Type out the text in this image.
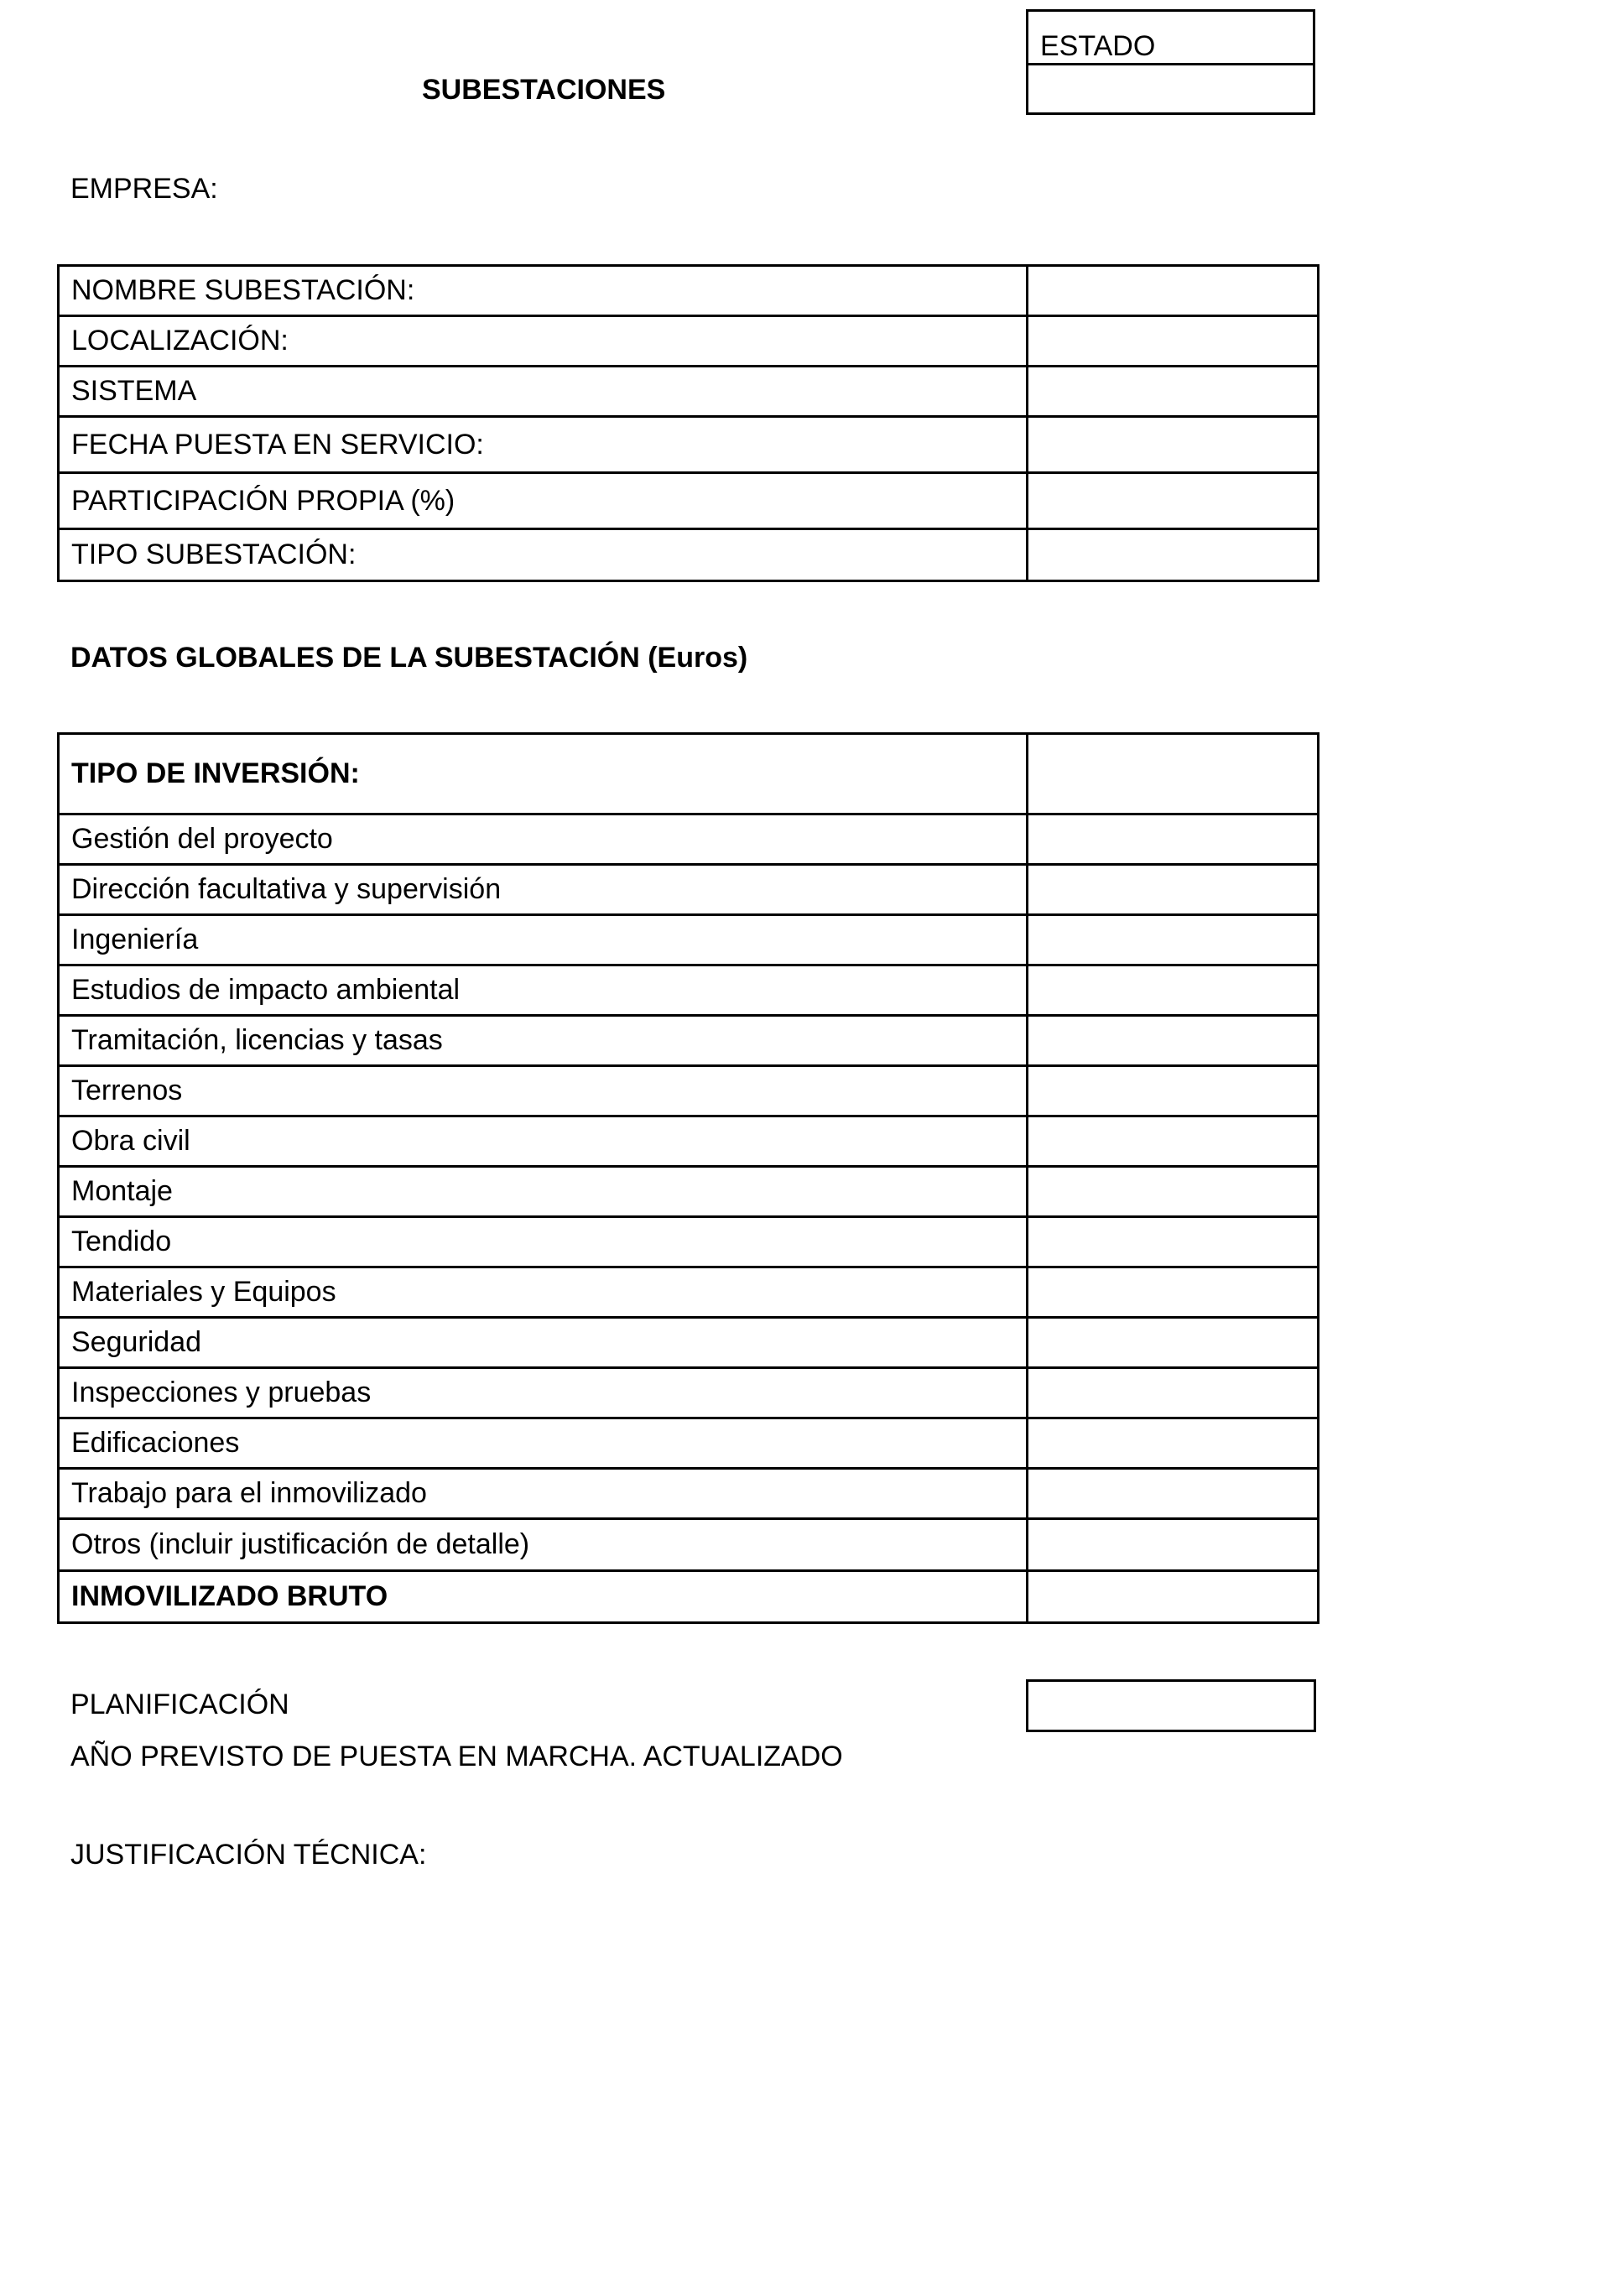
ESTADO
SUBESTACIONES
EMPRESA:
NOMBRE SUBESTACIÓN:	
LOCALIZACIÓN:	
SISTEMA	
FECHA PUESTA EN SERVICIO:	
PARTICIPACIÓN PROPIA (%)	
TIPO SUBESTACIÓN:	
DATOS GLOBALES DE LA SUBESTACIÓN (Euros)
TIPO DE INVERSIÓN:	
Gestión del proyecto	
Dirección facultativa y supervisión	
Ingeniería	
Estudios de impacto ambiental	
Tramitación, licencias y tasas	
Terrenos	
Obra civil	
Montaje	
Tendido	
Materiales y Equipos	
Seguridad	
Inspecciones y pruebas	
Edificaciones	
Trabajo para el inmovilizado	
Otros (incluir justificación de detalle)	
INMOVILIZADO BRUTO	
PLANIFICACIÓN
AÑO PREVISTO DE PUESTA EN MARCHA. ACTUALIZADO
JUSTIFICACIÓN TÉCNICA:
